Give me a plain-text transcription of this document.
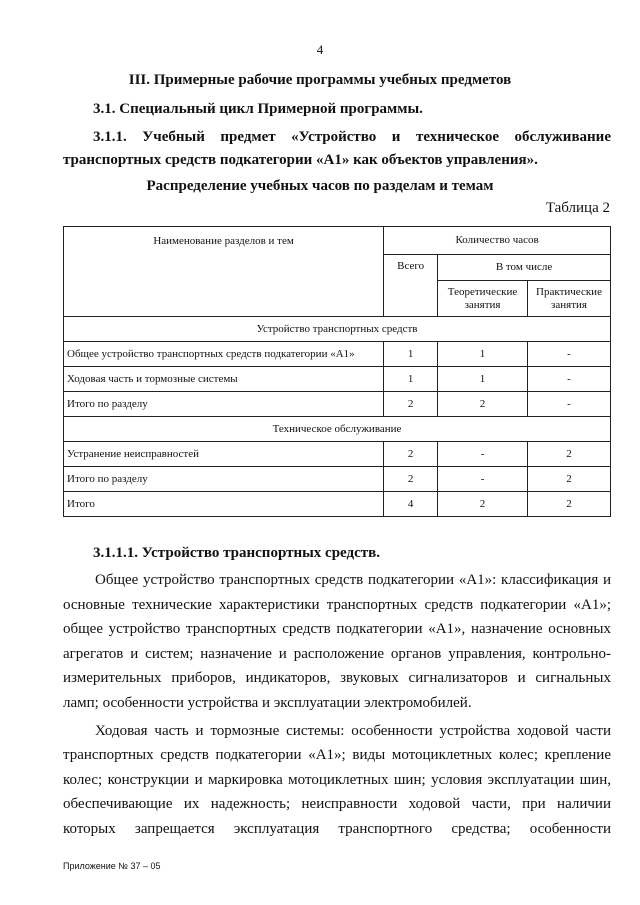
4
III. Примерные рабочие программы учебных предметов
3.1. Специальный цикл Примерной программы.
3.1.1. Учебный предмет «Устройство и техническое обслуживание
транспортных средств подкатегории «A1» как объектов управления».
Распределение учебных часов по разделам и темам
Таблица 2
Наименование разделов и тем	Количество часов		
	Всего	В том числе	
		Теоретические занятия	Практические занятия
Устройство транспортных средств			
Общее устройство транспортных средств подкатегории «A1»	1	1	-
Ходовая часть и тормозные системы	1	1	-
Итого по разделу	2	2	-
Техническое обслуживание			
Устранение неисправностей	2	-	2
Итого по разделу	2	-	2
Итого	4	2	2
3.1.1.1. Устройство транспортных средств.

Общее устройство транспортных средств подкатегории «A1»: классификация и основные технические характеристики транспортных средств подкатегории «A1»; общее устройство транспортных средств подкатегории «A1», назначение основных агрегатов и систем; назначение и расположение органов управления, контрольно-измерительных приборов, индикаторов, звуковых сигнализаторов и сигнальных ламп; особенности устройства и эксплуатации электромобилей.

Ходовая часть и тормозные системы: особенности устройства ходовой части транспортных средств подкатегории «A1»; виды мотоциклетных колес; крепление колес; конструкции и маркировка мотоциклетных шин; условия эксплуатации шин, обеспечивающие их надежность; неисправности ходовой части, при наличии которых запрещается эксплуатация транспортного средства; особенности

Приложение № 37 – 05
